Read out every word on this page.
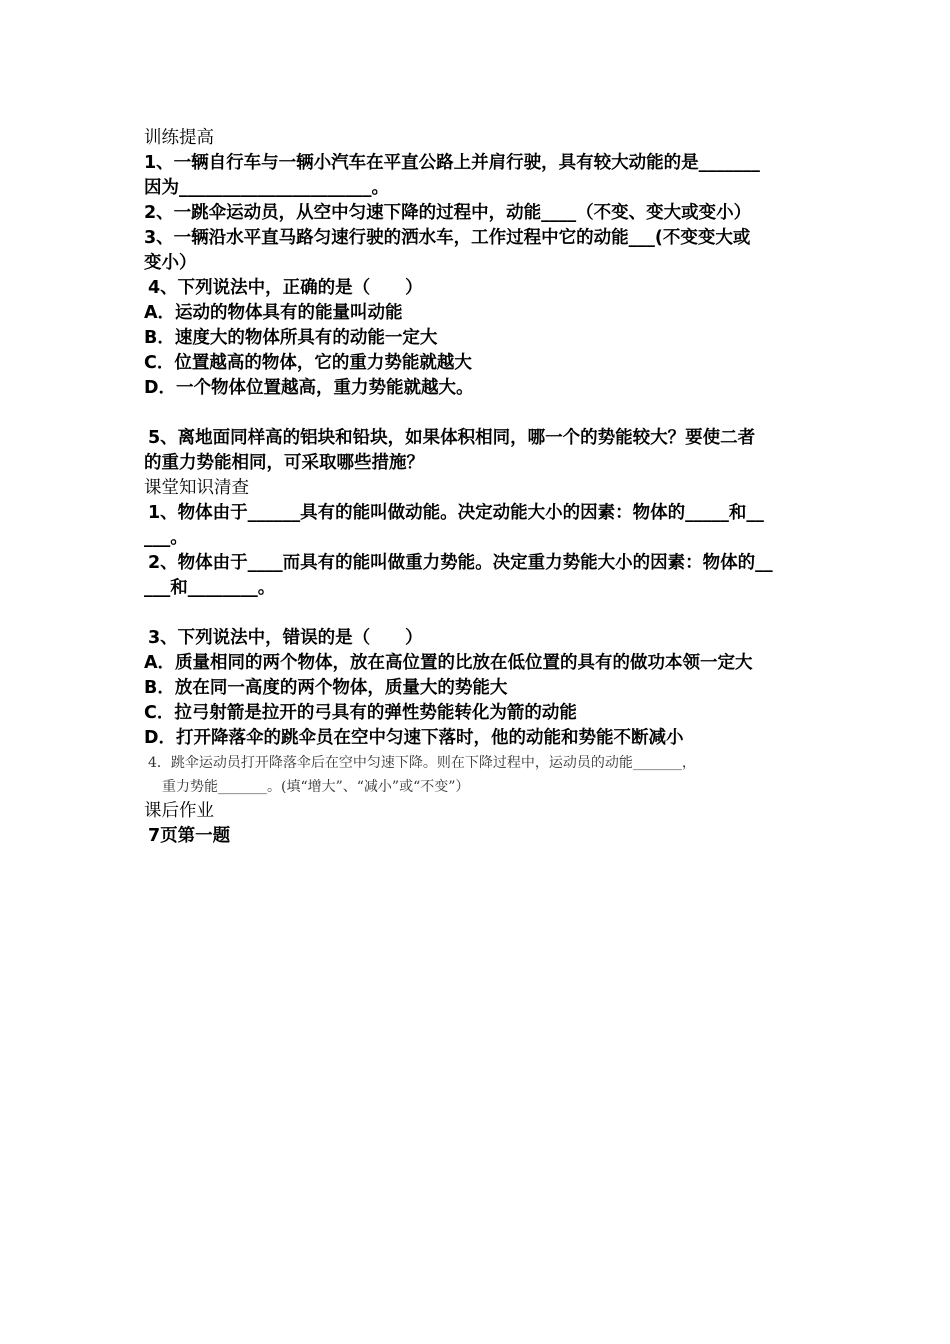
训练提高
1、一辆自行车与一辆小汽车在平直公路上并肩行驶，具有较大动能的是_______
因为______________________。
2、一跳伞运动员，从空中匀速下降的过程中，动能____（不变、变大或变小）
3、一辆沿水平直马路匀速行驶的洒水车，工作过程中它的动能___(不变变大或
变小）
4、下列说法中，正确的是（　　）
A．运动的物体具有的能量叫动能
B．速度大的物体所具有的动能一定大
C．位置越高的物体，它的重力势能就越大
D．一个物体位置越高，重力势能就越大。
5、离地面同样高的铝块和铅块，如果体积相同，哪一个的势能较大？要使二者
的重力势能相同，可采取哪些措施？
课堂知识清查
1、物体由于______具有的能叫做动能。决定动能大小的因素：物体的_____和__
___。
2、物体由于____而具有的能叫做重力势能。决定重力势能大小的因素：物体的__
___和________。
3、下列说法中，错误的是（　　）
A．质量相同的两个物体，放在高位置的比放在低位置的具有的做功本领一定大
B．放在同一高度的两个物体，质量大的势能大
C．拉弓射箭是拉开的弓具有的弹性势能转化为箭的动能
D．打开降落伞的跳伞员在空中匀速下落时，他的动能和势能不断减小
4．跳伞运动员打开降落伞后在空中匀速下降。则在下降过程中，运动员的动能_______，
重力势能_______。(填“增大”、“减小”或“不变”）
课后作业
7页第一题
